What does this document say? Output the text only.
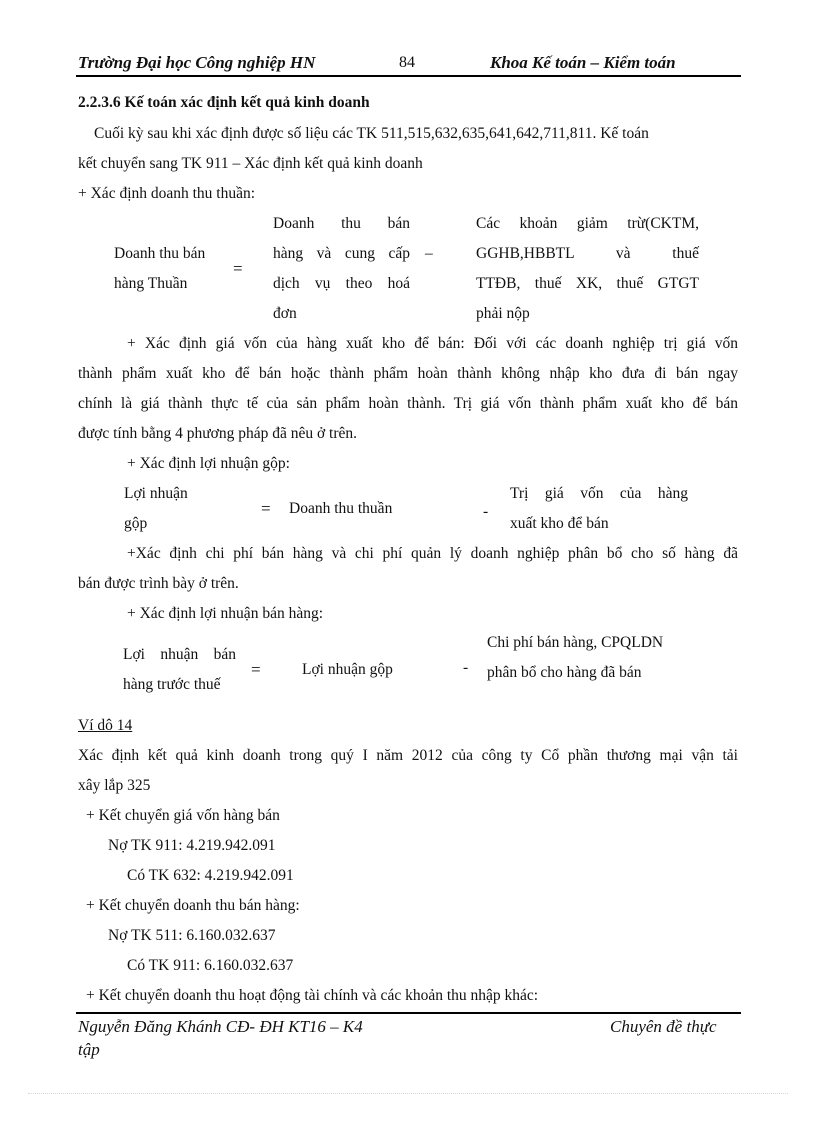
Trường Đại học Công nghiệp HN	84	Khoa Kế toán – Kiểm toán
2.2.3.6 Kế toán xác định kết quả kinh doanh
Cuối kỳ sau khi xác định được số liệu các TK 511,515,632,635,641,642,711,811. Kế toán
kết chuyển sang TK 911 – Xác định kết quả kinh doanh
+ Xác định doanh thu thuần:
Doanh thu bán
hàng Thuần
=
Doanh thu bán
hàng và cung cấp
dịch vụ theo hoá
đơn
–
Các khoản giảm trừ(CKTM,
GGHB,HBBTL và thuế
TTĐB, thuế XK, thuế GTGT
phải nộp
+ Xác định giá vốn của hàng xuất kho để bán: Đối với các doanh nghiệp trị giá vốn
thành phẩm xuất kho để bán hoặc thành phẩm hoàn thành không nhập kho đưa đi bán ngay
chính là giá thành thực tế của sản phẩm hoàn thành. Trị giá vốn thành phẩm xuất kho để bán
được tính bằng 4 phương pháp đã nêu ở trên.
+ Xác định lợi nhuận gộp:
Lợi nhuận
gộp
= Doanh thu thuần	-
Trị giá vốn của hàng
xuất kho để bán
+Xác định chi phí bán hàng và chi phí quản lý doanh nghiệp phân bổ cho số hàng đã
bán được trình bày ở trên.
+ Xác định lợi nhuận bán hàng:
Lợi nhuận bán
hàng trước thuế
=	Lợi nhuận gộp	-
Chi phí bán hàng, CPQLDN
phân bổ cho hàng đã bán
Ví dô 14
Xác định kết quả kinh doanh trong quý I năm 2012 của công ty Cổ phần thương mại vận tải
xây lắp 325
+ Kết chuyển giá vốn hàng bán
Nợ TK 911: 4.219.942.091
Có TK 632: 4.219.942.091
+ Kết chuyển doanh thu bán hàng:
Nợ TK 511: 6.160.032.637
Có TK 911: 6.160.032.637
+ Kết chuyển doanh thu hoạt động tài chính và các khoản thu nhập khác:
Nguyễn Đăng Khánh CĐ- ĐH KT16 – K4
tập
Chuyên đề thực
